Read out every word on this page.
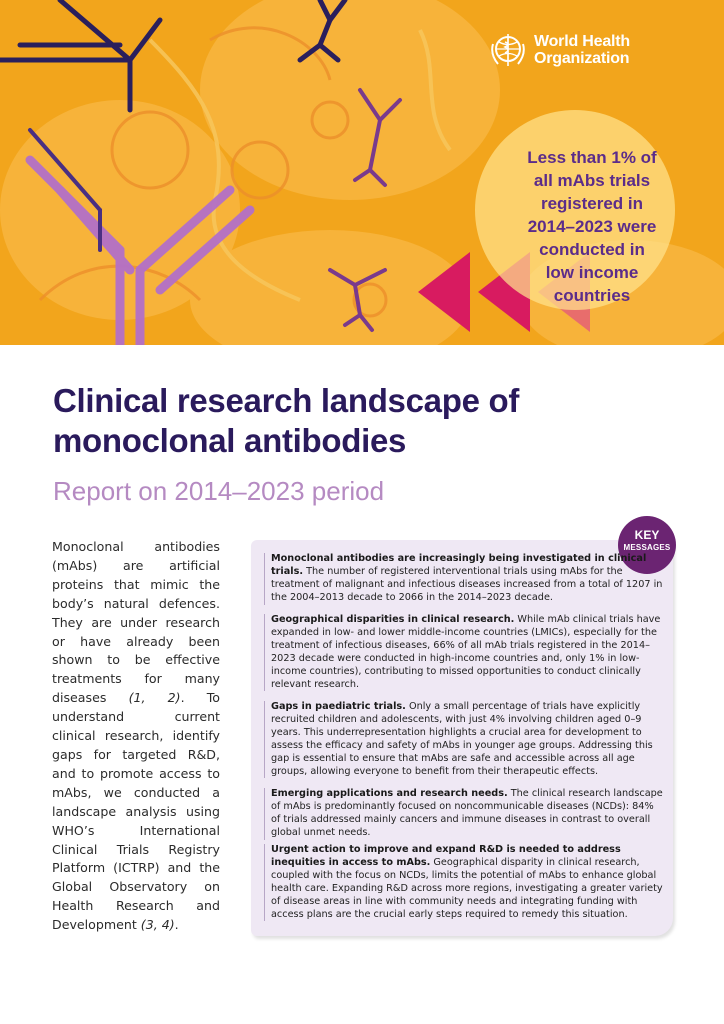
World Health
Organization
Less than 1% of
all mAbs trials
registered in
2014–2023 were
conducted in
low income
countries
Clinical research landscape of
monoclonal antibodies
Report on 2014–2023 period

Monoclonal antibodies (mAbs) are artificial proteins that mimic the body’s natural defences. They are under research or have already been shown to be effective treatments for many diseases (1, 2). To understand current clinical research, identify gaps for targeted R&D, and to promote access to mAbs, we conducted a landscape analysis using WHO’s International Clinical Trials Registry Platform (ICTRP) and the Global Observatory on Health Research and Development (3, 4).

KEY
MESSAGES
Monoclonal antibodies are increasingly being investigated in clinical trials. The number of registered interventional trials using mAbs for the treatment of malignant and infectious diseases increased from a total of 1207 in the 2004–2013 decade to 2066 in the 2014–2023 decade.
Geographical disparities in clinical research. While mAb clinical trials have expanded in low- and lower middle-income countries (LMICs), especially for the treatment of infectious diseases, 66% of all mAb trials registered in the 2014–2023 decade were conducted in high-income countries and, only 1% in low-income countries), contributing to missed opportunities to conduct clinically relevant research.
Gaps in paediatric trials. Only a small percentage of trials have explicitly recruited children and adolescents, with just 4% involving children aged 0–9 years. This underrepresentation highlights a crucial area for development to assess the efficacy and safety of mAbs in younger age groups. Addressing this gap is essential to ensure that mAbs are safe and accessible across all age groups, allowing everyone to benefit from their therapeutic effects.
Emerging applications and research needs. The clinical research landscape of mAbs is predominantly focused on noncommunicable diseases (NCDs): 84% of trials addressed mainly cancers and immune diseases in contrast to overall global unmet needs.
Urgent action to improve and expand R&D is needed to address inequities in access to mAbs. Geographical disparity in clinical research, coupled with the focus on NCDs, limits the potential of mAbs to enhance global health care. Expanding R&D across more regions, investigating a greater variety of disease areas in line with community needs and integrating funding with access plans are the crucial early steps required to remedy this situation.
